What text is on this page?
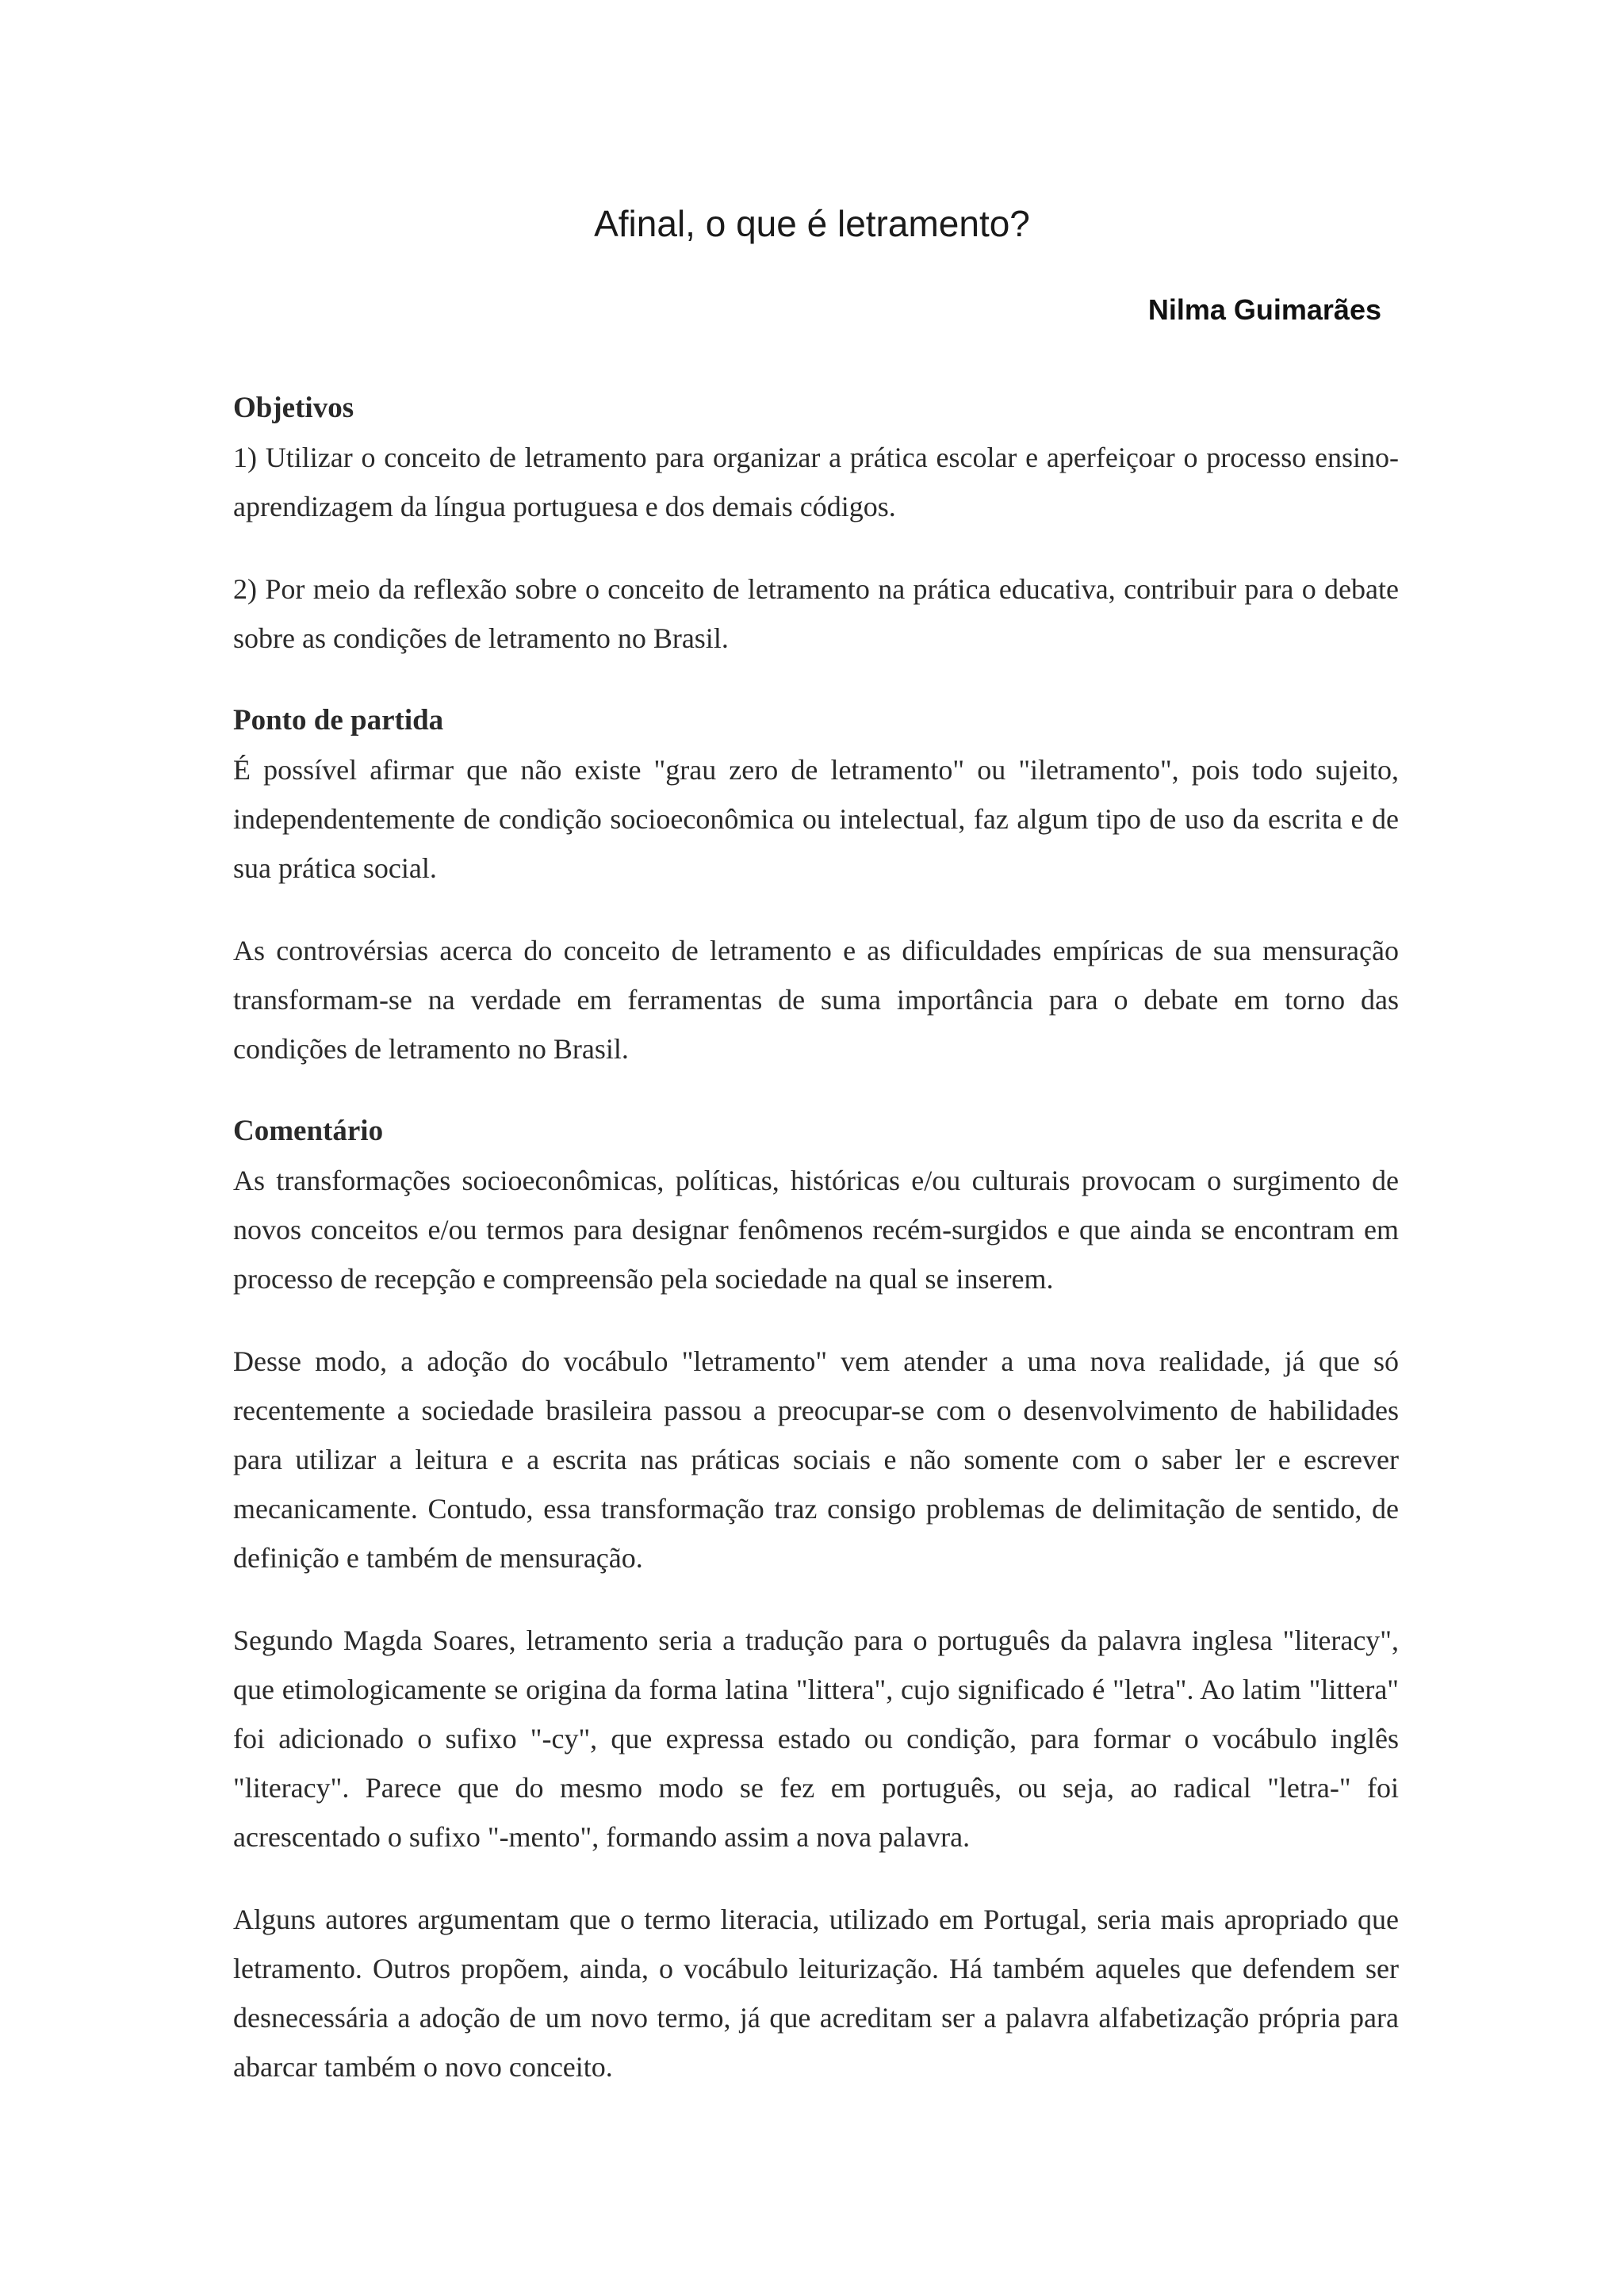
Afinal, o que é letramento?
Nilma Guimarães

Objetivos

1) Utilizar o conceito de letramento para organizar a prática escolar e aperfeiçoar o processo ensino-aprendizagem da língua portuguesa e dos demais códigos.

2) Por meio da reflexão sobre o conceito de letramento na prática educativa, contribuir para o debate sobre as condições de letramento no Brasil.

Ponto de partida

É possível afirmar que não existe "grau zero de letramento" ou "iletramento", pois todo sujeito, independentemente de condição socioeconômica ou intelectual, faz algum tipo de uso da escrita e de sua prática social.

As controvérsias acerca do conceito de letramento e as dificuldades empíricas de sua mensuração transformam-se na verdade em ferramentas de suma importância para o debate em torno das condições de letramento no Brasil.

Comentário

As transformações socioeconômicas, políticas, históricas e/ou culturais provocam o surgimento de novos conceitos e/ou termos para designar fenômenos recém-surgidos e que ainda se encontram em processo de recepção e compreensão pela sociedade na qual se inserem.

Desse modo, a adoção do vocábulo "letramento" vem atender a uma nova realidade, já que só recentemente a sociedade brasileira passou a preocupar-se com o desenvolvimento de habilidades para utilizar a leitura e a escrita nas práticas sociais e não somente com o saber ler e escrever mecanicamente. Contudo, essa transformação traz consigo problemas de delimitação de sentido, de definição e também de mensuração.

Segundo Magda Soares, letramento seria a tradução para o português da palavra inglesa "literacy", que etimologicamente se origina da forma latina "littera", cujo significado é "letra". Ao latim "littera" foi adicionado o sufixo "-cy", que expressa estado ou condição, para formar o vocábulo inglês "literacy". Parece que do mesmo modo se fez em português, ou seja, ao radical "letra-" foi acrescentado o sufixo "-mento", formando assim a nova palavra.

Alguns autores argumentam que o termo literacia, utilizado em Portugal, seria mais apropriado que letramento. Outros propõem, ainda, o vocábulo leiturização. Há também aqueles que defendem ser desnecessária a adoção de um novo termo, já que acreditam ser a palavra alfabetização própria para abarcar também o novo conceito.
